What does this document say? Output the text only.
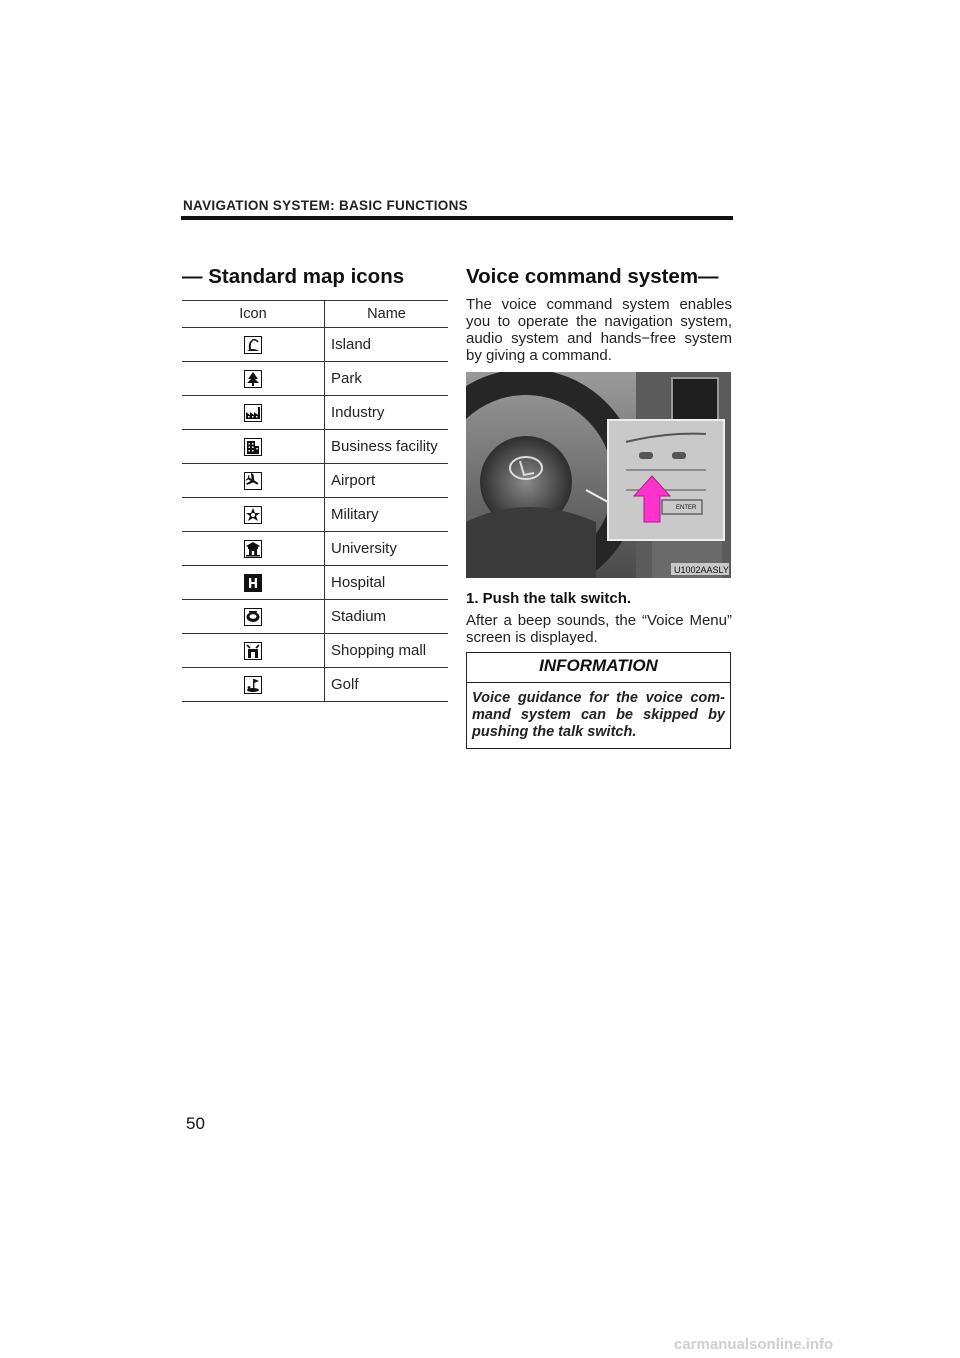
NAVIGATION SYSTEM: BASIC FUNCTIONS
— Standard map icons	Voice command system—
Icon	Name

	Island

	Park

	Industry

	Business facility

	Airport

	Military

	University

	Hospital

	Stadium

	Shopping mall

	Golf
The voice command system enables you to operate the navigation system, audio system and hands−free system by giving a command.
ENTER
U1002AASLY
1. Push the talk switch.
After a beep sounds, the “Voice Menu” screen is displayed.
INFORMATION
Voice guidance for the voice com- mand system can be skipped by pushing the talk switch.
50
carmanualsonline.info
